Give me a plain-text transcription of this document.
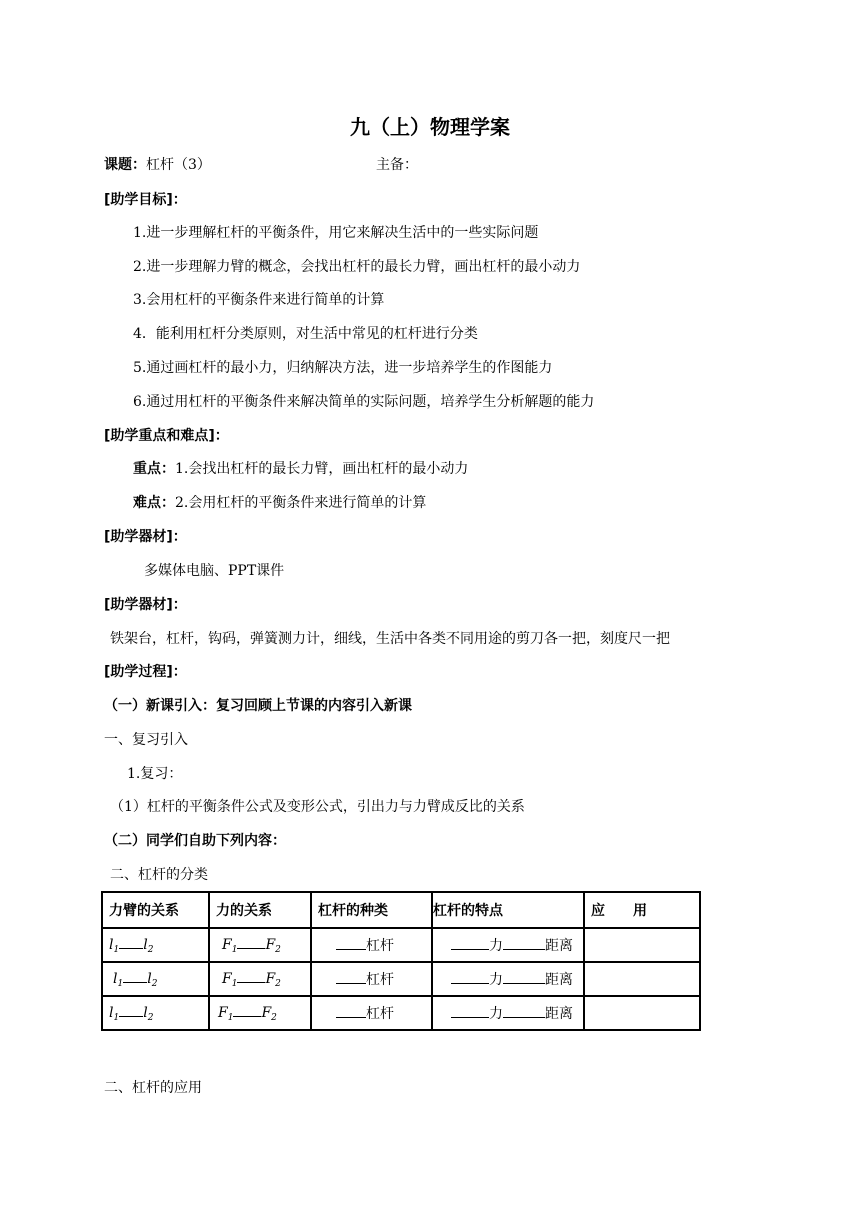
九（上）物理学案
课题：杠杆（3）	主备：
[助学目标]：
1.进一步理解杠杆的平衡条件，用它来解决生活中的一些实际问题
2.进一步理解力臂的概念，会找出杠杆的最长力臂，画出杠杆的最小动力
3.会用杠杆的平衡条件来进行简单的计算
4．能利用杠杆分类原则，对生活中常见的杠杆进行分类
5.通过画杠杆的最小力，归纳解决方法，进一步培养学生的作图能力
6.通过用杠杆的平衡条件来解决简单的实际问题，培养学生分析解题的能力
[助学重点和难点]：
重点：1.会找出杠杆的最长力臂，画出杠杆的最小动力
难点：2.会用杠杆的平衡条件来进行简单的计算
[助学器材]：
多媒体电脑、PPT课件
[助学器材]：
铁架台，杠杆，钩码，弹簧测力计，细线，生活中各类不同用途的剪刀各一把，刻度尺一把
[助学过程]：
（一）新课引入：复习回顾上节课的内容引入新课
一、复习引入
1.复习：
（1）杠杆的平衡条件公式及变形公式，引出力与力臂成反比的关系
（二）同学们自助下列内容：
二、杠杆的分类
力臂的关系	力的关系	杠杆的种类	杠杆的特点	应　　用
$l_1$ $l_2$	$F_1$ $F_2$	杠杆	力 距离	
$l_1$ $l_2$	$F_1$ $F_2$	杠杆	力 距离	
$l_1$ $l_2$	$F_1$ $F_2$	杠杆	力 距离	
二、杠杆的应用
